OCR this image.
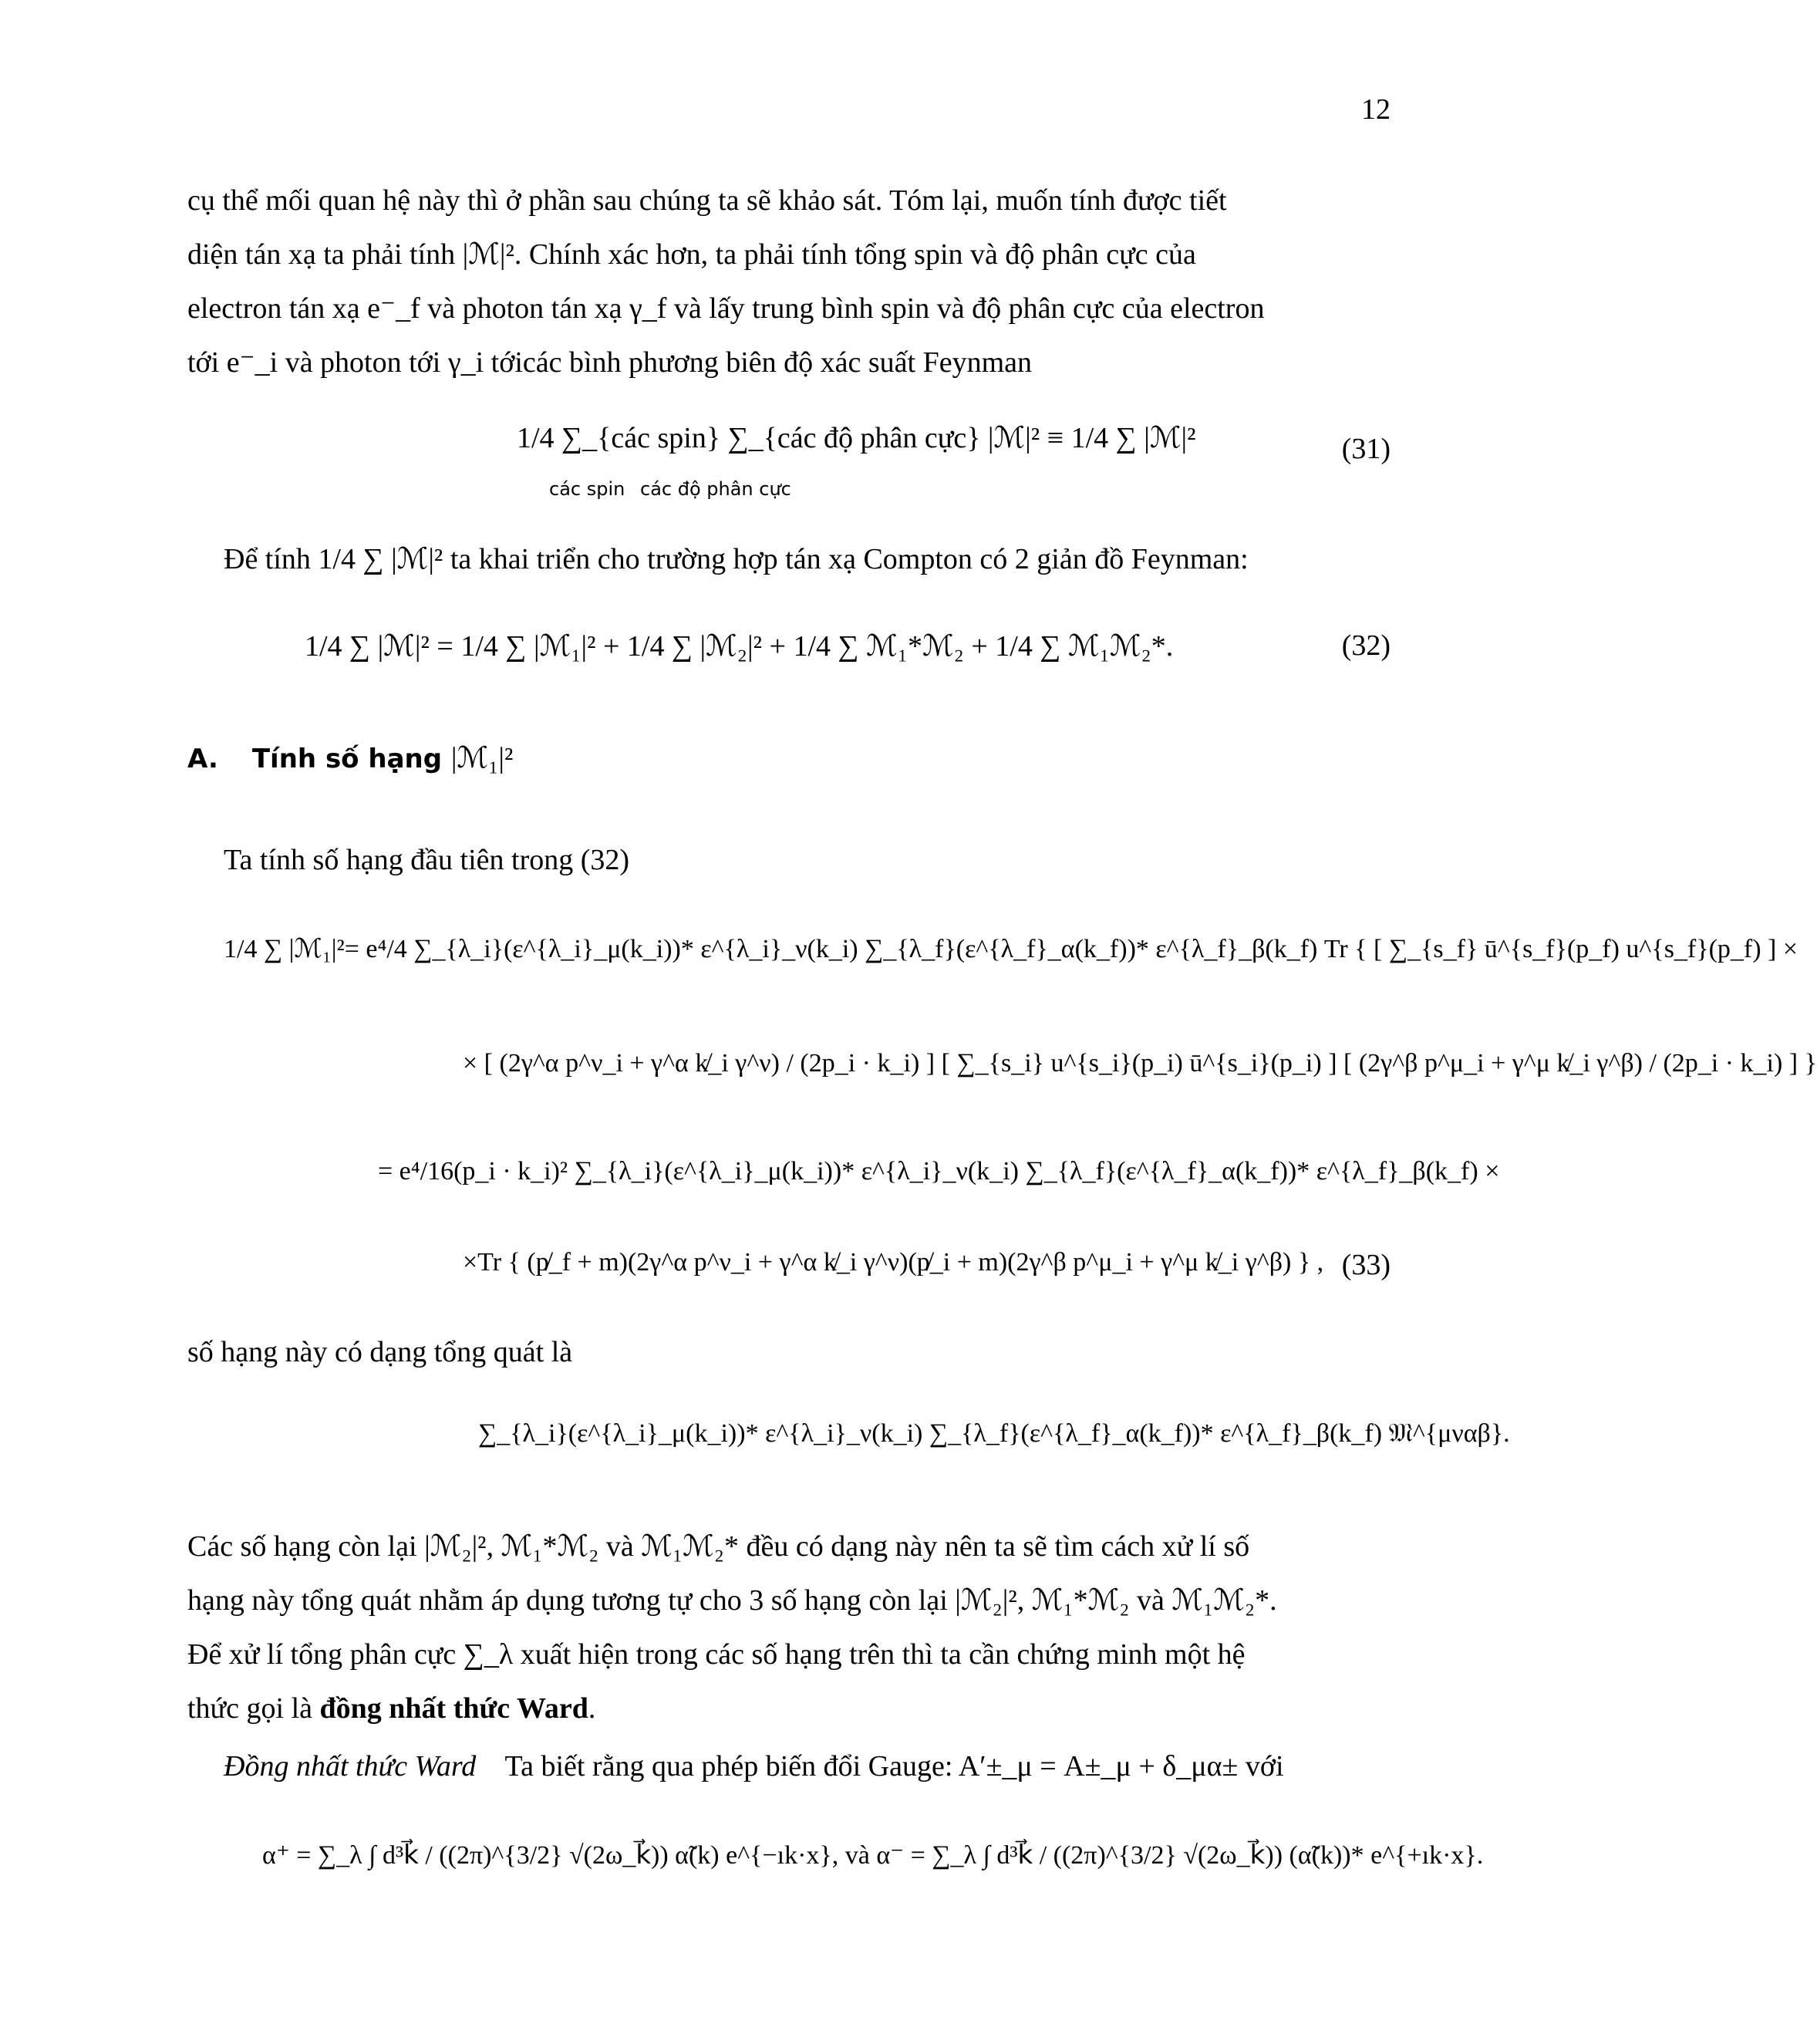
12
cụ thể mối quan hệ này thì ở phần sau chúng ta sẽ khảo sát. Tóm lại, muốn tính được tiết
diện tán xạ ta phải tính |ℳ|². Chính xác hơn, ta phải tính tổng spin và độ phân cực của
electron tán xạ e⁻_f và photon tán xạ γ_f và lấy trung bình spin và độ phân cực của electron
tới e⁻_i và photon tới γ_i tớicác bình phương biên độ xác suất Feynman
1/4 ∑_{các spin} ∑_{các độ phân cực} |ℳ|² ≡ 1/4 ∑ |ℳ|²
các spin các độ phân cực
(31)
Để tính 1/4 ∑ |ℳ|² ta khai triển cho trường hợp tán xạ Compton có 2 giản đồ Feynman:
1/4 ∑ |ℳ|² = 1/4 ∑ |ℳ₁|² + 1/4 ∑ |ℳ₂|² + 1/4 ∑ ℳ₁*ℳ₂ + 1/4 ∑ ℳ₁ℳ₂*.	(32)
A. Tính số hạng |ℳ₁|²
Ta tính số hạng đầu tiên trong (32)
1/4 ∑ |ℳ₁|²= e⁴/4 ∑_{λ_i}(ε^{λ_i}_μ(k_i))* ε^{λ_i}_ν(k_i) ∑_{λ_f}(ε^{λ_f}_α(k_f))* ε^{λ_f}_β(k_f) Tr { [ ∑_{s_f} ū^{s_f}(p_f) u^{s_f}(p_f) ] ×
× [ (2γ^α p^ν_i + γ^α k̸_i γ^ν) / (2p_i · k_i) ] [ ∑_{s_i} u^{s_i}(p_i) ū^{s_i}(p_i) ] [ (2γ^β p^μ_i + γ^μ k̸_i γ^β) / (2p_i · k_i) ] }
= e⁴/16(p_i · k_i)² ∑_{λ_i}(ε^{λ_i}_μ(k_i))* ε^{λ_i}_ν(k_i) ∑_{λ_f}(ε^{λ_f}_α(k_f))* ε^{λ_f}_β(k_f) ×
×Tr { (p̸_f + m)(2γ^α p^ν_i + γ^α k̸_i γ^ν)(p̸_i + m)(2γ^β p^μ_i + γ^μ k̸_i γ^β) } , (33)
số hạng này có dạng tổng quát là
∑_{λ_i}(ε^{λ_i}_μ(k_i))* ε^{λ_i}_ν(k_i) ∑_{λ_f}(ε^{λ_f}_α(k_f))* ε^{λ_f}_β(k_f) 𝔐^{μναβ}.
Các số hạng còn lại |ℳ₂|², ℳ₁*ℳ₂ và ℳ₁ℳ₂* đều có dạng này nên ta sẽ tìm cách xử lí số
hạng này tổng quát nhằm áp dụng tương tự cho 3 số hạng còn lại |ℳ₂|², ℳ₁*ℳ₂ và ℳ₁ℳ₂*.
Để xử lí tổng phân cực ∑_λ xuất hiện trong các số hạng trên thì ta cần chứng minh một hệ
thức gọi là đồng nhất thức Ward.
Đồng nhất thức Ward Ta biết rằng qua phép biến đổi Gauge: A′±_μ = A±_μ + δ_μα± với
α⁺ = ∑_λ ∫ d³k⃗ / ((2π)^{3/2} √(2ω_k⃗)) α̃(k) e^{−ık·x}, và α⁻ = ∑_λ ∫ d³k⃗ / ((2π)^{3/2} √(2ω_k⃗)) (α̃(k))* e^{+ık·x}.
